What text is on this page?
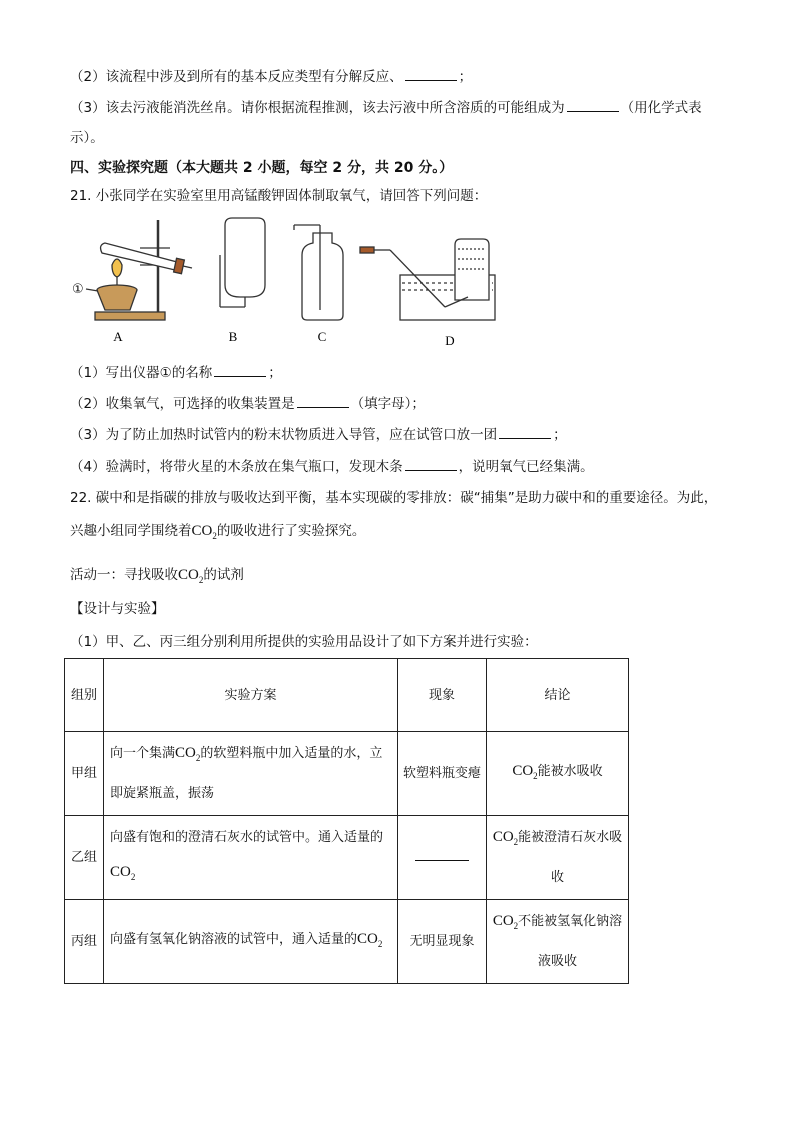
（2）该流程中涉及到所有的基本反应类型有分解反应、	；
（3）该去污液能消洗丝帛。请你根据流程推测，该去污液中所含溶质的可能组成为	（用化学式表
示）。
四、实验探究题（本大题共 2 小题，每空 2 分，共 20 分。）
21. 小张同学在实验室里用高锰酸钾固体制取氧气，请回答下列问题：
①
A	B	C	D
（1）写出仪器①的名称	；
（2）收集氧气，可选择的收集装置是	（填字母）；
（3）为了防止加热时试管内的粉末状物质进入导管，应在试管口放一团	；
（4）验满时，将带火星的木条放在集气瓶口，发现木条	，说明氧气已经集满。
22. 碳中和是指碳的排放与吸收达到平衡，基本实现碳的零排放：碳“捕集”是助力碳中和的重要途径。为此，
兴趣小组同学围绕着$CO_2$的吸收进行了实验探究。
活动一：寻找吸收$CO_2$的试剂
【设计与实验】
（1）甲、乙、丙三组分别利用所提供的实验用品设计了如下方案并进行实验：
组别	实验方案	现象	结论
甲组	向一个集满$CO_2$的软塑料瓶中加入适量的水，立即旋紧瓶盖，振荡	软塑料瓶变瘪	$CO_2$能被水吸收
乙组	向盛有饱和的澄清石灰水的试管中。通入适量的$CO_2$		$CO_2$能被澄清石灰水吸收
丙组	向盛有氢氧化钠溶液的试管中，通入适量的$CO_2$	无明显现象	$CO_2$不能被氢氧化钠溶液吸收
